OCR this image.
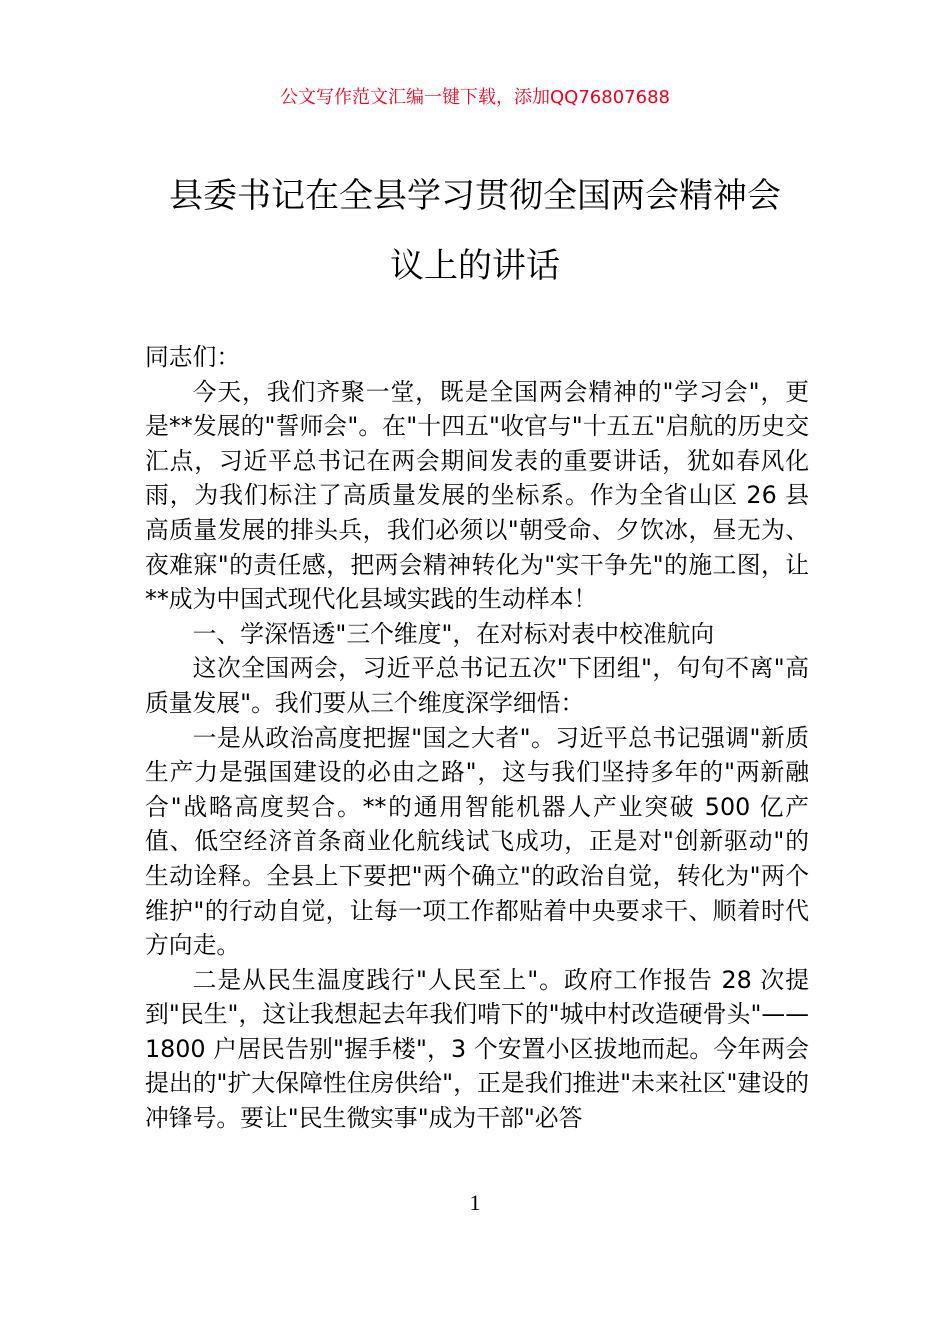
公文写作范文汇编一键下载，添加QQ76807688
县委书记在全县学习贯彻全国两会精神会
议上的讲话

同志们：

今天，我们齐聚一堂，既是全国两会精神的"学习会"，更是**发展的"誓师会"。在"十四五"收官与"十五五"启航的历史交汇点，习近平总书记在两会期间发表的重要讲话，犹如春风化雨，为我们标注了高质量发展的坐标系。作为全省山区 26 县高质量发展的排头兵，我们必须以"朝受命、夕饮冰，昼无为、夜难寐"的责任感，把两会精神转化为"实干争先"的施工图，让**成为中国式现代化县域实践的生动样本！

一、学深悟透"三个维度"，在对标对表中校准航向

这次全国两会，习近平总书记五次"下团组"，句句不离"高质量发展"。我们要从三个维度深学细悟：

一是从政治高度把握"国之大者"。习近平总书记强调"新质生产力是强国建设的必由之路"，这与我们坚持多年的"两新融合"战略高度契合。**的通用智能机器人产业突破 500 亿产值、低空经济首条商业化航线试飞成功，正是对"创新驱动"的生动诠释。全县上下要把"两个确立"的政治自觉，转化为"两个维护"的行动自觉，让每一项工作都贴着中央要求干、顺着时代方向走。

二是从民生温度践行"人民至上"。政府工作报告 28 次提到"民生"，这让我想起去年我们啃下的"城中村改造硬骨头"——1800 户居民告别"握手楼"，3 个安置小区拔地而起。今年两会提出的"扩大保障性住房供给"，正是我们推进"未来社区"建设的冲锋号。要让"民生微实事"成为干部"必答

1
